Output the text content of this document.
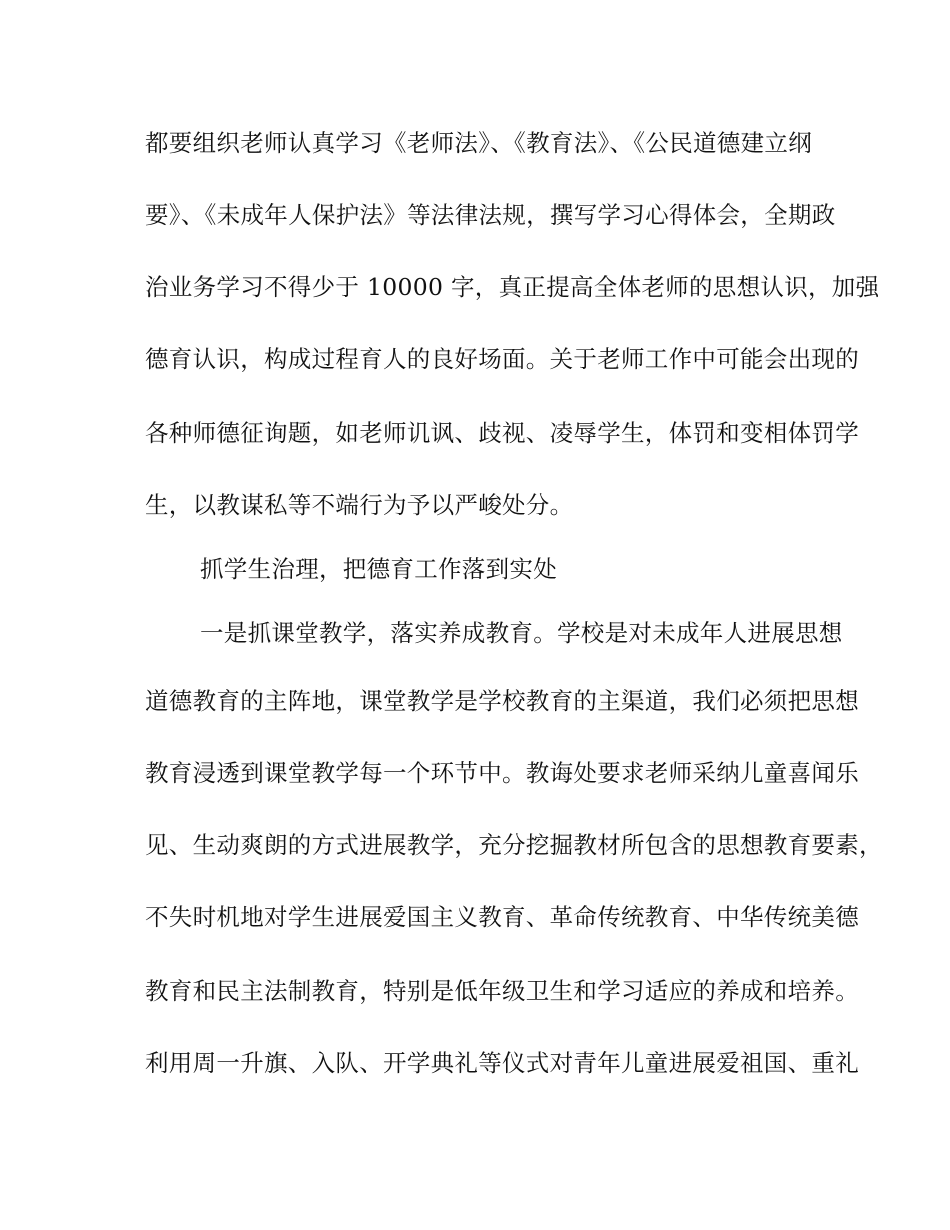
都要组织老师认真学习《老师法》、《教育法》、《公民道德建立纲
要》、《未成年人保护法》等法律法规，撰写学习心得体会，全期政
治业务学习不得少于 10000 字，真正提高全体老师的思想认识，加强
德育认识，构成过程育人的良好场面。关于老师工作中可能会出现的
各种师德征询题，如老师讥讽、歧视、凌辱学生，体罚和变相体罚学
生，以教谋私等不端行为予以严峻处分。
抓学生治理，把德育工作落到实处
一是抓课堂教学，落实养成教育。学校是对未成年人进展思想
道德教育的主阵地，课堂教学是学校教育的主渠道，我们必须把思想
教育浸透到课堂教学每一个环节中。教诲处要求老师采纳儿童喜闻乐
见、生动爽朗的方式进展教学，充分挖掘教材所包含的思想教育要素，
不失时机地对学生进展爱国主义教育、革命传统教育、中华传统美德
教育和民主法制教育，特别是低年级卫生和学习适应的养成和培养。
利用周一升旗、入队、开学典礼等仪式对青年儿童进展爱祖国、重礼
